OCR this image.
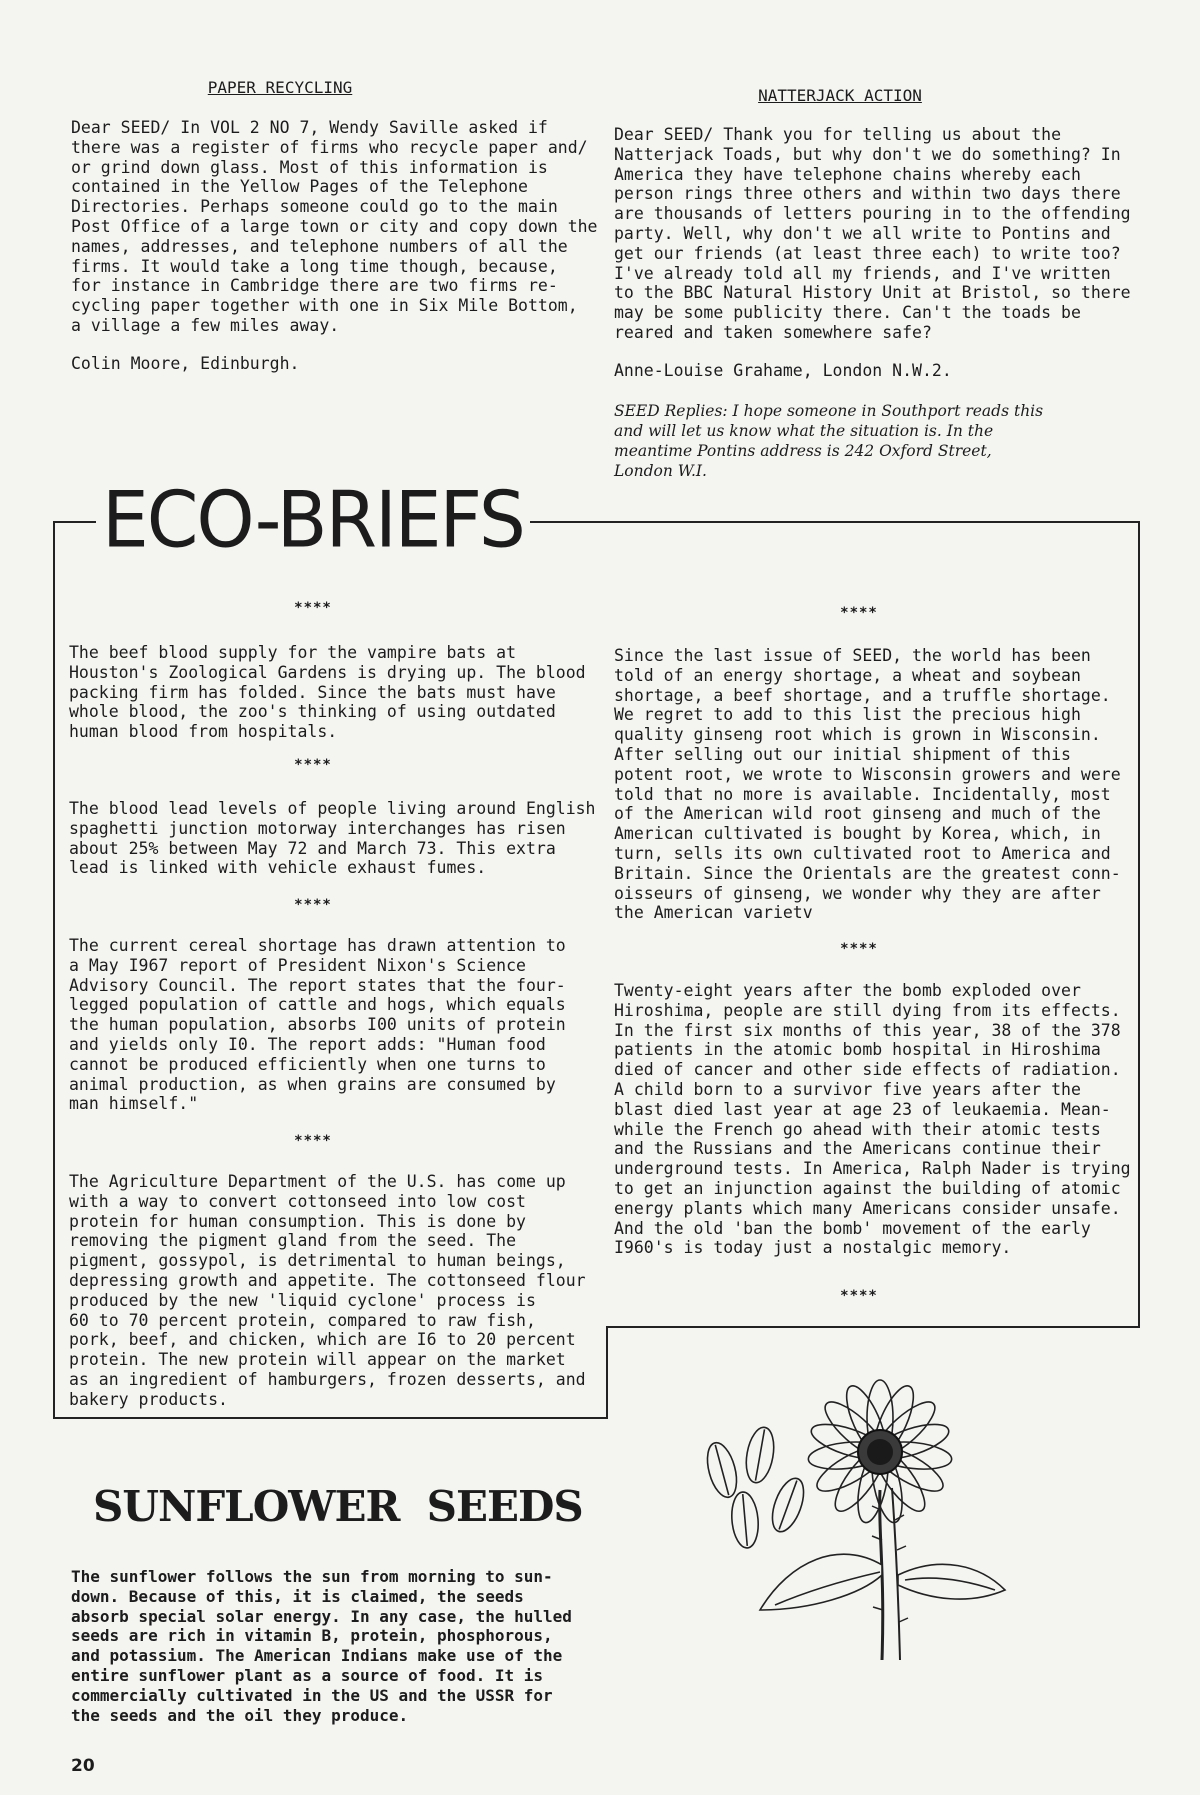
PAPER RECYCLING
Dear SEED/ In VOL 2 NO 7, Wendy Saville asked if
there was a register of firms who recycle paper and/
or grind down glass. Most of this information is
contained in the Yellow Pages of the Telephone
Directories. Perhaps someone could go to the main
Post Office of a large town or city and copy down the
names, addresses, and telephone numbers of all the
firms. It would take a long time though, because,
for instance in Cambridge there are two firms re-
cycling paper together with one in Six Mile Bottom,
a village a few miles away.
Colin Moore, Edinburgh.
NATTERJACK ACTION
Dear SEED/ Thank you for telling us about the
Natterjack Toads, but why don't we do something? In
America they have telephone chains whereby each
person rings three others and within two days there
are thousands of letters pouring in to the offending
party. Well, why don't we all write to Pontins and
get our friends (at least three each) to write too?
I've already told all my friends, and I've written
to the BBC Natural History Unit at Bristol, so there
may be some publicity there. Can't the toads be
reared and taken somewhere safe?
Anne-Louise Grahame, London N.W.2.
SEED Replies: I hope someone in Southport reads this
and will let us know what the situation is. In the
meantime Pontins address is 242 Oxford Street,
London W.I.
ECO-BRIEFS
****
The beef blood supply for the vampire bats at
Houston's Zoological Gardens is drying up. The blood
packing firm has folded. Since the bats must have
whole blood, the zoo's thinking of using outdated
human blood from hospitals.
****
The blood lead levels of people living around English
spaghetti junction motorway interchanges has risen
about 25% between May 72 and March 73. This extra
lead is linked with vehicle exhaust fumes.
****
The current cereal shortage has drawn attention to
a May I967 report of President Nixon's Science
Advisory Council. The report states that the four-
legged population of cattle and hogs, which equals
the human population, absorbs I00 units of protein
and yields only I0. The report adds: "Human food
cannot be produced efficiently when one turns to
animal production, as when grains are consumed by
man himself."
****
The Agriculture Department of the U.S. has come up
with a way to convert cottonseed into low cost
protein for human consumption. This is done by
removing the pigment gland from the seed. The
pigment, gossypol, is detrimental to human beings,
depressing growth and appetite. The cottonseed flour
produced by the new 'liquid cyclone' process is
60 to 70 percent protein, compared to raw fish,
pork, beef, and chicken, which are I6 to 20 percent
protein. The new protein will appear on the market
as an ingredient of hamburgers, frozen desserts, and
bakery products.
****
Since the last issue of SEED, the world has been
told of an energy shortage, a wheat and soybean
shortage, a beef shortage, and a truffle shortage.
We regret to add to this list the precious high
quality ginseng root which is grown in Wisconsin.
After selling out our initial shipment of this
potent root, we wrote to Wisconsin growers and were
told that no more is available. Incidentally, most
of the American wild root ginseng and much of the
American cultivated is bought by Korea, which, in
turn, sells its own cultivated root to America and
Britain. Since the Orientals are the greatest conn-
oisseurs of ginseng, we wonder why they are after
the American varietv
****
Twenty-eight years after the bomb exploded over
Hiroshima, people are still dying from its effects.
In the first six months of this year, 38 of the 378
patients in the atomic bomb hospital in Hiroshima
died of cancer and other side effects of radiation.
A child born to a survivor five years after the
blast died last year at age 23 of leukaemia. Mean-
while the French go ahead with their atomic tests
and the Russians and the Americans continue their
underground tests. In America, Ralph Nader is trying
to get an injunction against the building of atomic
energy plants which many Americans consider unsafe.
And the old 'ban the bomb' movement of the early
I960's is today just a nostalgic memory.
****
SUNFLOWER  SEEDS
The sunflower follows the sun from morning to sun-
down. Because of this, it is claimed, the seeds
absorb special solar energy. In any case, the hulled
seeds are rich in vitamin B, protein, phosphorous,
and potassium. The American Indians make use of the
entire sunflower plant as a source of food. It is
commercially cultivated in the US and the USSR for
the seeds and the oil they produce.
20
